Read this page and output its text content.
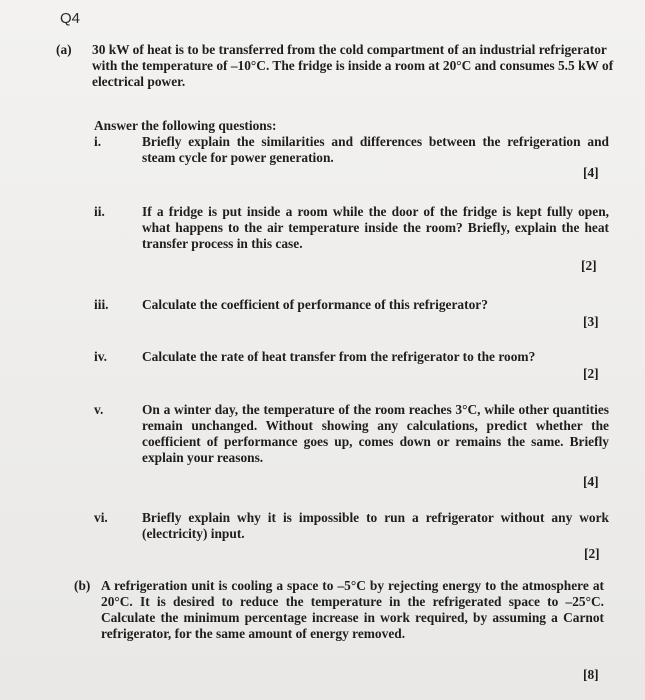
Q4
(a) 30 kW of heat is to be transferred from the cold compartment of an industrial refrigerator with the temperature of –10°C. The fridge is inside a room at 20°C and consumes 5.5 kW of electrical power.
Answer the following questions:
i.	Briefly explain the similarities and differences between the refrigeration and steam cycle for power generation.
[4]
ii.	If a fridge is put inside a room while the door of the fridge is kept fully open, what happens to the air temperature inside the room? Briefly, explain the heat transfer process in this case.
[2]
iii.	Calculate the coefficient of performance of this refrigerator?
[3]
iv.	Calculate the rate of heat transfer from the refrigerator to the room?
[2]
v.	On a winter day, the temperature of the room reaches 3°C, while other quantities remain unchanged. Without showing any calculations, predict whether the coefficient of performance goes up, comes down or remains the same. Briefly explain your reasons.
[4]
vi.	Briefly explain why it is impossible to run a refrigerator without any work (electricity) input.
[2]
(b) A refrigeration unit is cooling a space to –5°C by rejecting energy to the atmosphere at 20°C. It is desired to reduce the temperature in the refrigerated space to –25°C. Calculate the minimum percentage increase in work required, by assuming a Carnot refrigerator, for the same amount of energy removed.
[8]
